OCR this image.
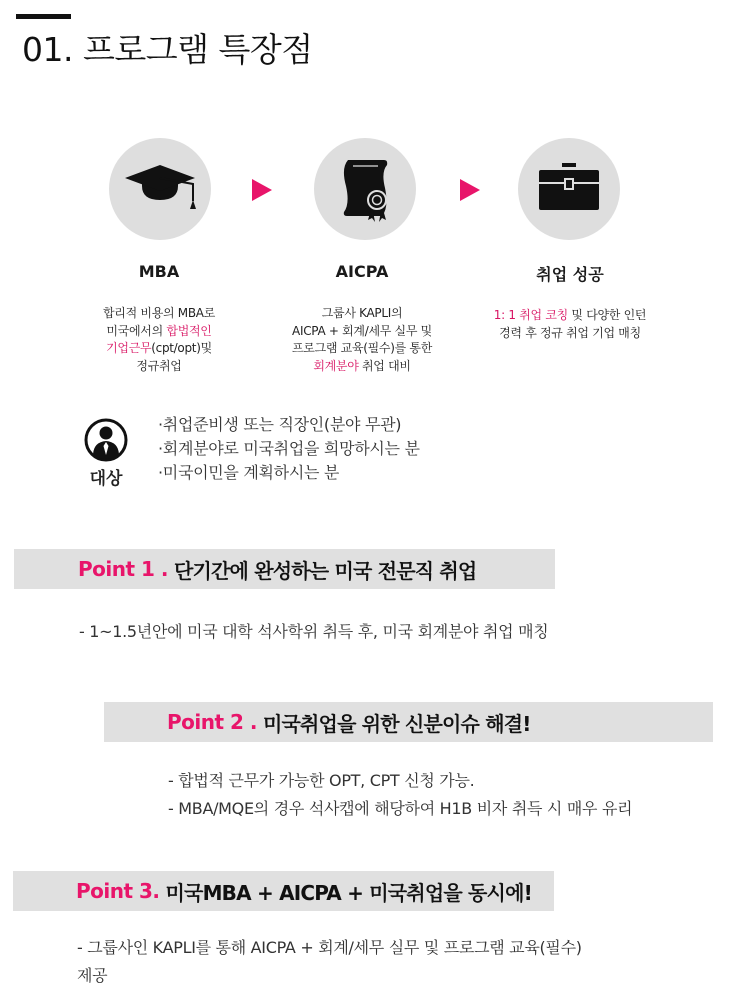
01. 프로그램 특장점
MBA	AICPA	취업 성공
합리적 비용의 MBA로
미국에서의 합법적인
기업근무(cpt/opt)및
정규취업
그룹사 KAPLI의
AICPA + 회계/세무 실무 및
프로그램 교육(필수)를 통한
회계분야 취업 대비
1: 1 취업 코칭 및 다양한 인턴
경력 후 정규 취업 기업 매칭
대상
·취업준비생 또는 직장인(분야 무관)
·회계분야로 미국취업을 희망하시는 분
·미국이민을 계획하시는 분
Point 1 . 단기간에 완성하는 미국 전문직 취업
- 1~1.5년안에 미국 대학 석사학위 취득 후, 미국 회계분야 취업 매칭
Point 2 . 미국취업을 위한 신분이슈 해결!
- 합법적 근무가 가능한 OPT, CPT 신청 가능.
- MBA/MQE의 경우 석사캡에 해당하여 H1B 비자 취득 시 매우 유리
Point 3. 미국MBA + AICPA + 미국취업을 동시에!
- 그룹사인 KAPLI를 통해 AICPA + 회계/세무 실무 및 프로그램 교육(필수)
제공
